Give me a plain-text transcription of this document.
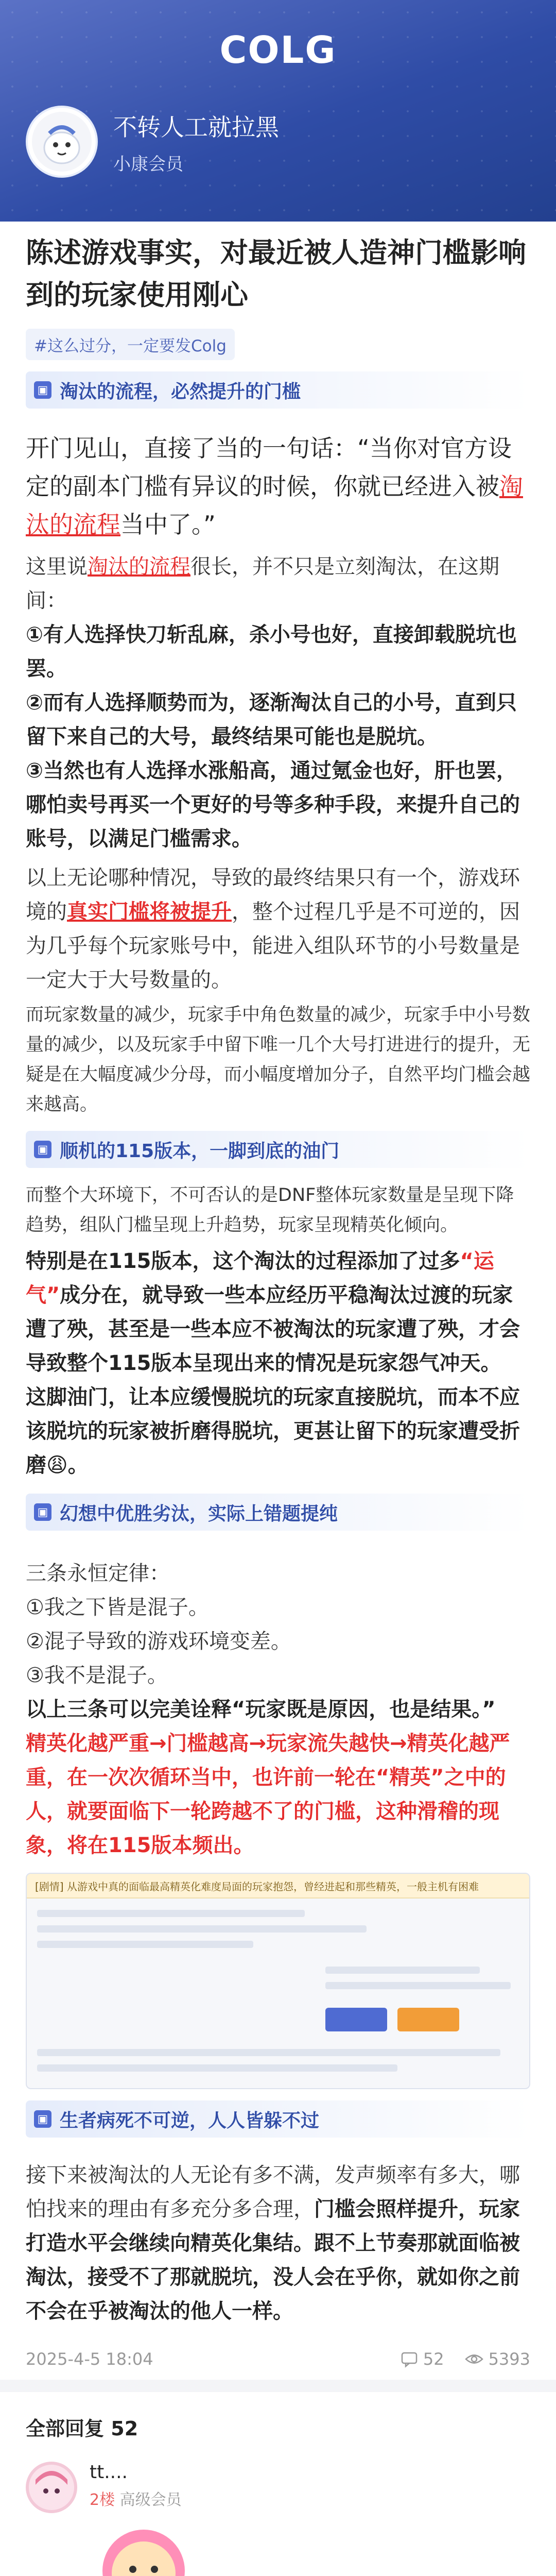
COLG
不转人工就拉黑
小康会员
陈述游戏事实，对最近被人造神门槛影响到的玩家使用刚心
#这么过分，一定要发Colg
▣ 淘汰的流程，必然提升的门槛
开门见山，直接了当的一句话：“当你对官方设定的副本门槛有异议的时候，你就已经进入被淘汰的流程当中了。”
这里说淘汰的流程很长，并不只是立刻淘汰，在这期间：
①有人选择快刀斩乱麻，杀小号也好，直接卸载脱坑也罢。
②而有人选择顺势而为，逐渐淘汰自己的小号，直到只留下来自己的大号，最终结果可能也是脱坑。
③当然也有人选择水涨船高，通过氪金也好，肝也罢，哪怕卖号再买一个更好的号等多种手段，来提升自己的账号，以满足门槛需求。
以上无论哪种情况，导致的最终结果只有一个，游戏环境的真实门槛将被提升，整个过程几乎是不可逆的，因为几乎每个玩家账号中，能进入组队环节的小号数量是一定大于大号数量的。
而玩家数量的减少，玩家手中角色数量的减少，玩家手中小号数量的减少，以及玩家手中留下唯一几个大号打进进行的提升，无疑是在大幅度减少分母，而小幅度增加分子，自然平均门槛会越来越高。
▣ 顺机的115版本，一脚到底的油门
而整个大环境下，不可否认的是DNF整体玩家数量是呈现下降趋势，组队门槛呈现上升趋势，玩家呈现精英化倾向。
特别是在115版本，这个淘汰的过程添加了过多“运气”成分在，就导致一些本应经历平稳淘汰过渡的玩家遭了殃，甚至是一些本应不被淘汰的玩家遭了殃，才会导致整个115版本呈现出来的情况是玩家怨气冲天。
这脚油门，让本应缓慢脱坑的玩家直接脱坑，而本不应该脱坑的玩家被折磨得脱坑，更甚让留下的玩家遭受折磨😩。
▣ 幻想中优胜劣汰，实际上错题提纯
三条永恒定律：
①我之下皆是混子。
②混子导致的游戏环境变差。
③我不是混子。
以上三条可以完美诠释“玩家既是原因，也是结果。”
精英化越严重→门槛越高→玩家流失越快→精英化越严重，在一次次循环当中，也许前一轮在“精英”之中的人，就要面临下一轮跨越不了的门槛，这种滑稽的现象，将在115版本频出。
[剧情] 从游戏中真的面临最高精英化难度局面的玩家抱怨，曾经进起和那些精英，一般主机有困难
▣ 生者病死不可逆，人人皆躲不过
接下来被淘汰的人无论有多不满，发声频率有多大，哪怕找来的理由有多充分多合理，门槛会照样提升，玩家打造水平会继续向精英化集结。跟不上节奏那就面临被淘汰，接受不了那就脱坑，没人会在乎你，就如你之前不会在乎被淘汰的他人一样。
2025-4-5 18:04	52	5393
全部回复 52
tt....
2楼 高级会员
